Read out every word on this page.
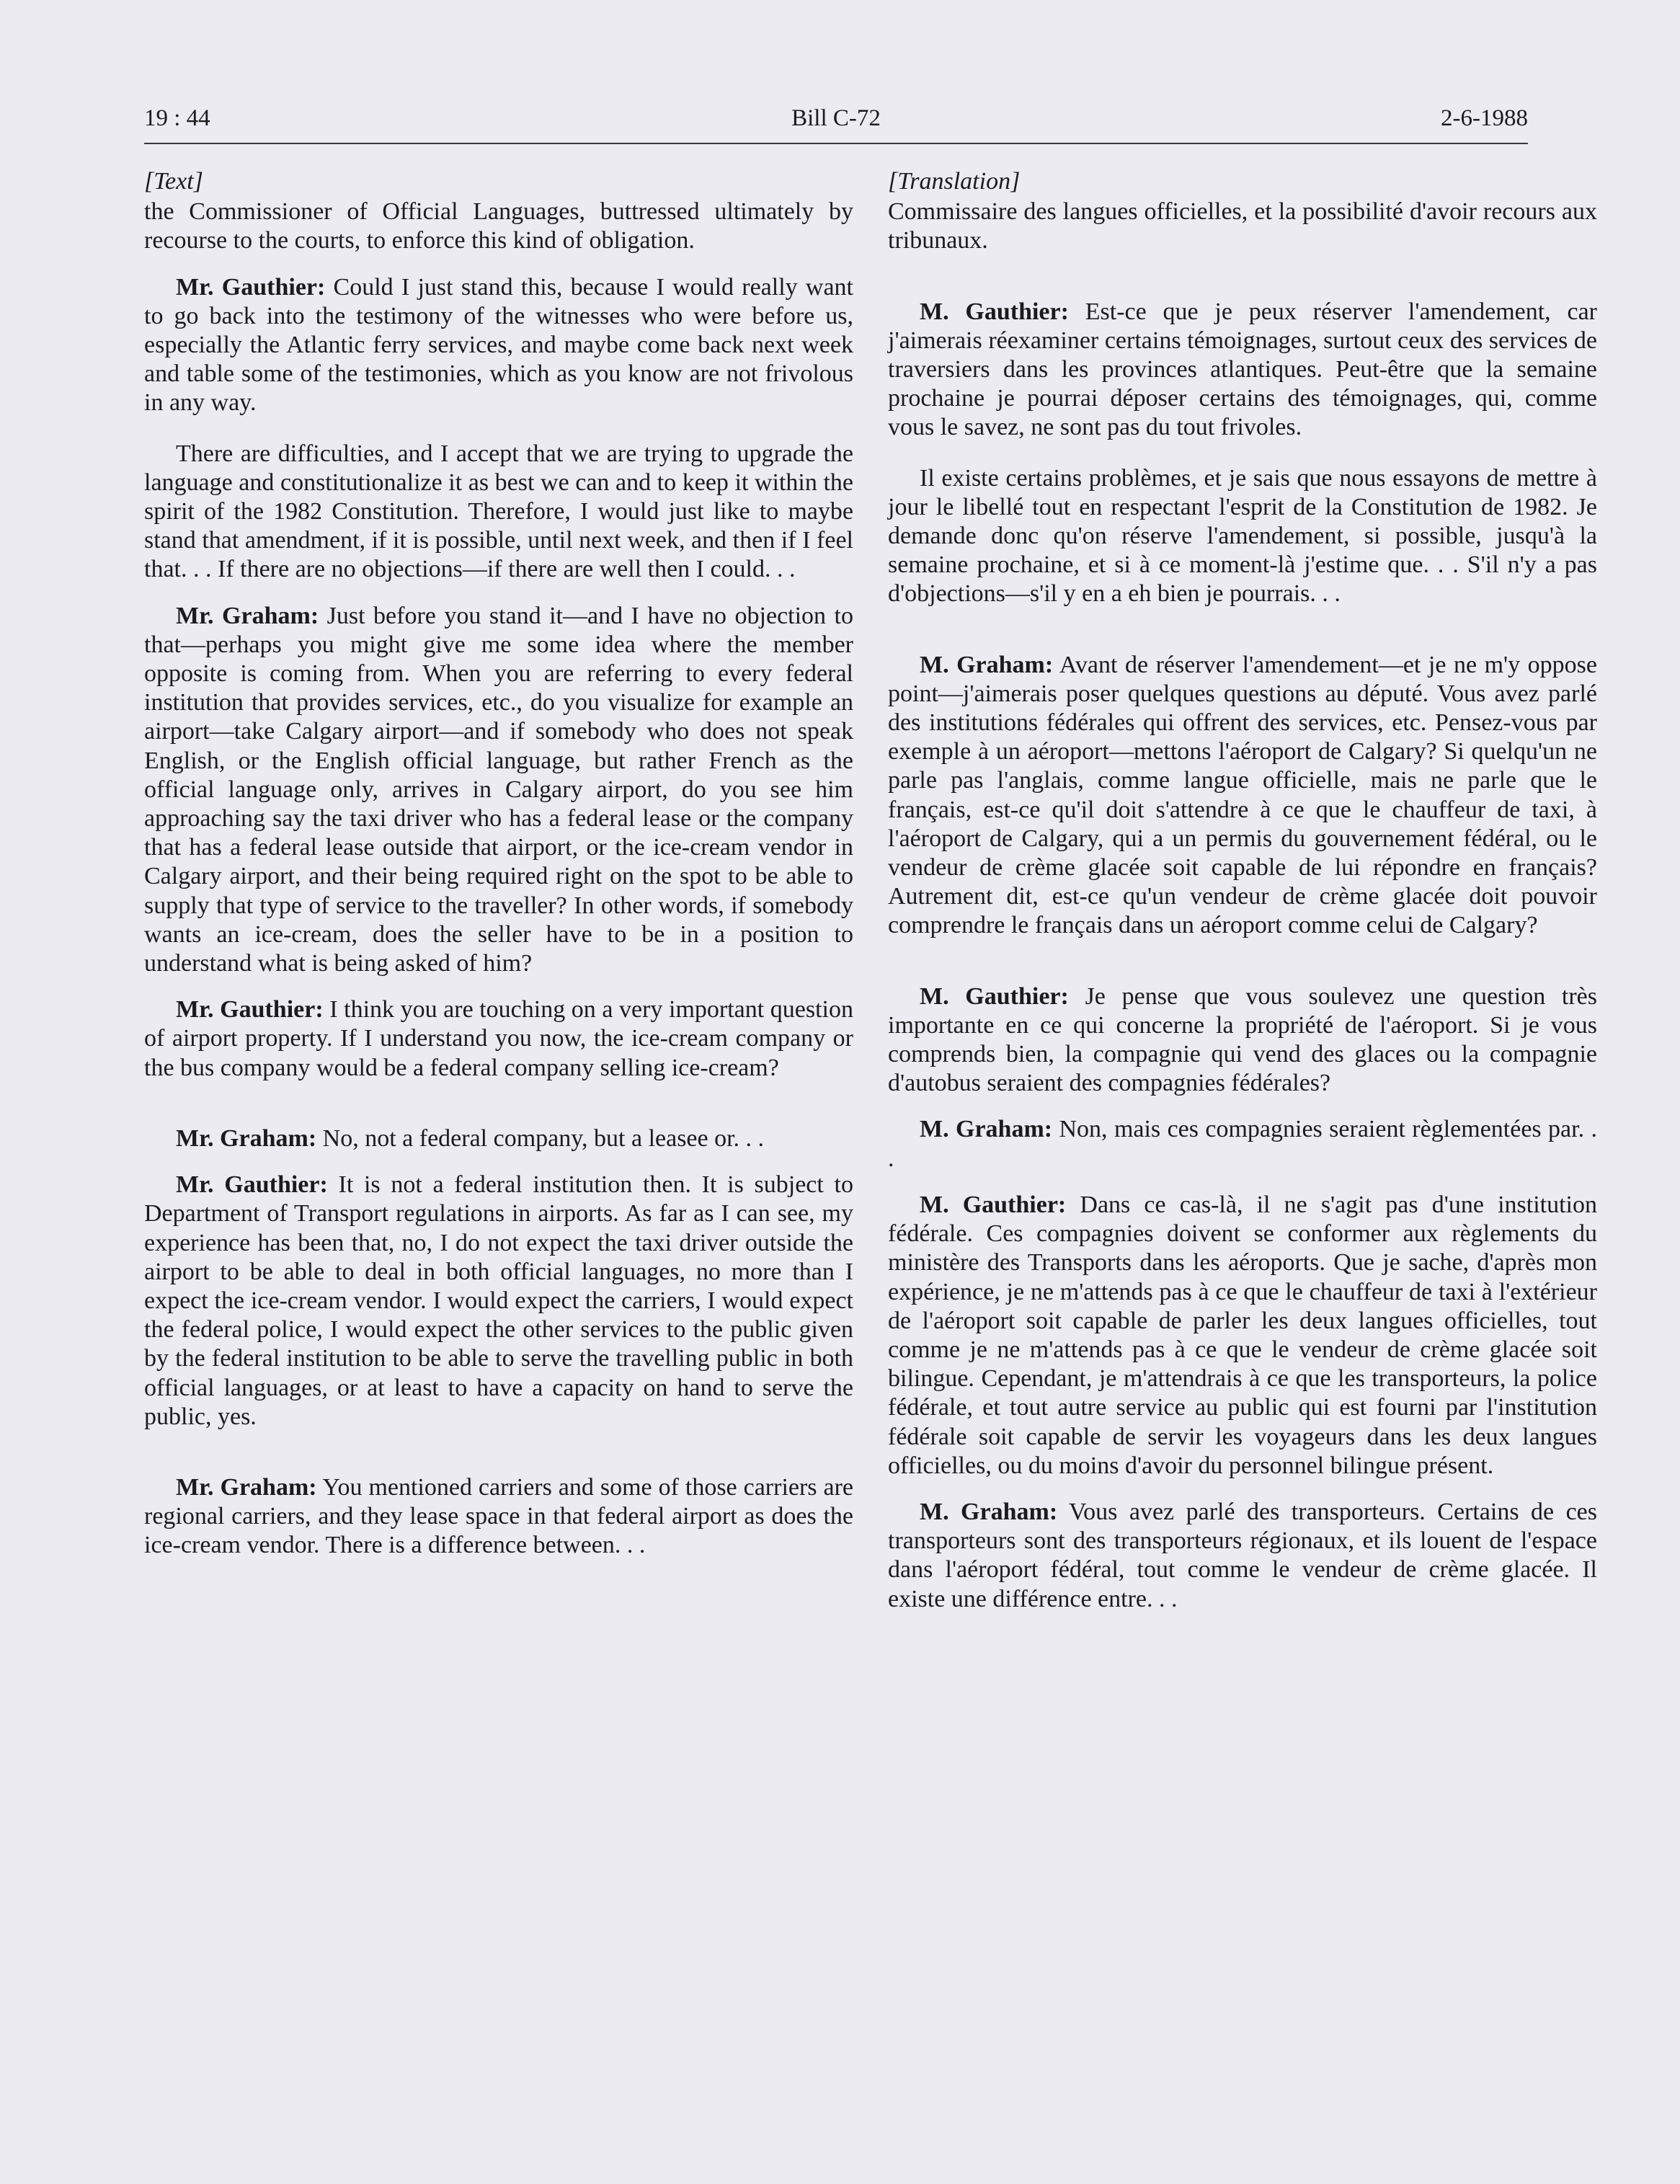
19 : 44	Bill C-72	2-6-1988

[Text]

the Commissioner of Official Languages, buttressed ultimately by recourse to the courts, to enforce this kind of obligation.

Mr. Gauthier: Could I just stand this, because I would really want to go back into the testimony of the witnesses who were before us, especially the Atlantic ferry services, and maybe come back next week and table some of the testimonies, which as you know are not frivolous in any way.

There are difficulties, and I accept that we are trying to upgrade the language and constitutionalize it as best we can and to keep it within the spirit of the 1982 Constitution. Therefore, I would just like to maybe stand that amendment, if it is possible, until next week, and then if I feel that. . . If there are no objections—if there are well then I could. . .

Mr. Graham: Just before you stand it—and I have no objection to that—perhaps you might give me some idea where the member opposite is coming from. When you are referring to every federal institution that provides services, etc., do you visualize for example an airport—take Calgary airport—and if somebody who does not speak English, or the English official language, but rather French as the official language only, arrives in Calgary airport, do you see him approaching say the taxi driver who has a federal lease or the company that has a federal lease outside that airport, or the ice-cream vendor in Calgary airport, and their being required right on the spot to be able to supply that type of service to the traveller? In other words, if somebody wants an ice-cream, does the seller have to be in a position to understand what is being asked of him?

Mr. Gauthier: I think you are touching on a very important question of airport property. If I understand you now, the ice-cream company or the bus company would be a federal company selling ice-cream?

Mr. Graham: No, not a federal company, but a leasee or. . .

Mr. Gauthier: It is not a federal institution then. It is subject to Department of Transport regulations in airports. As far as I can see, my experience has been that, no, I do not expect the taxi driver outside the airport to be able to deal in both official languages, no more than I expect the ice-cream vendor. I would expect the carriers, I would expect the federal police, I would expect the other services to the public given by the federal institution to be able to serve the travelling public in both official languages, or at least to have a capacity on hand to serve the public, yes.

Mr. Graham: You mentioned carriers and some of those carriers are regional carriers, and they lease space in that federal airport as does the ice-cream vendor. There is a difference between. . .

[Translation]

Commissaire des langues officielles, et la possibilité d'avoir recours aux tribunaux.

M. Gauthier: Est-ce que je peux réserver l'amendement, car j'aimerais réexaminer certains témoignages, surtout ceux des services de traversiers dans les provinces atlantiques. Peut-être que la semaine prochaine je pourrai déposer certains des témoignages, qui, comme vous le savez, ne sont pas du tout frivoles.

Il existe certains problèmes, et je sais que nous essayons de mettre à jour le libellé tout en respectant l'esprit de la Constitution de 1982. Je demande donc qu'on réserve l'amendement, si possible, jusqu'à la semaine prochaine, et si à ce moment-là j'estime que. . . S'il n'y a pas d'objections—s'il y en a eh bien je pourrais. . .

M. Graham: Avant de réserver l'amendement—et je ne m'y oppose point—j'aimerais poser quelques questions au député. Vous avez parlé des institutions fédérales qui offrent des services, etc. Pensez-vous par exemple à un aéroport—mettons l'aéroport de Calgary? Si quelqu'un ne parle pas l'anglais, comme langue officielle, mais ne parle que le français, est-ce qu'il doit s'attendre à ce que le chauffeur de taxi, à l'aéroport de Calgary, qui a un permis du gouvernement fédéral, ou le vendeur de crème glacée soit capable de lui répondre en français? Autrement dit, est-ce qu'un vendeur de crème glacée doit pouvoir comprendre le français dans un aéroport comme celui de Calgary?

M. Gauthier: Je pense que vous soulevez une question très importante en ce qui concerne la propriété de l'aéroport. Si je vous comprends bien, la compagnie qui vend des glaces ou la compagnie d'autobus seraient des compagnies fédérales?

M. Graham: Non, mais ces compagnies seraient règlementées par. . .

M. Gauthier: Dans ce cas-là, il ne s'agit pas d'une institution fédérale. Ces compagnies doivent se conformer aux règlements du ministère des Transports dans les aéroports. Que je sache, d'après mon expérience, je ne m'attends pas à ce que le chauffeur de taxi à l'extérieur de l'aéroport soit capable de parler les deux langues officielles, tout comme je ne m'attends pas à ce que le vendeur de crème glacée soit bilingue. Cependant, je m'attendrais à ce que les transporteurs, la police fédérale, et tout autre service au public qui est fourni par l'institution fédérale soit capable de servir les voyageurs dans les deux langues officielles, ou du moins d'avoir du personnel bilingue présent.

M. Graham: Vous avez parlé des transporteurs. Certains de ces transporteurs sont des transporteurs régionaux, et ils louent de l'espace dans l'aéroport fédéral, tout comme le vendeur de crème glacée. Il existe une différence entre. . .
